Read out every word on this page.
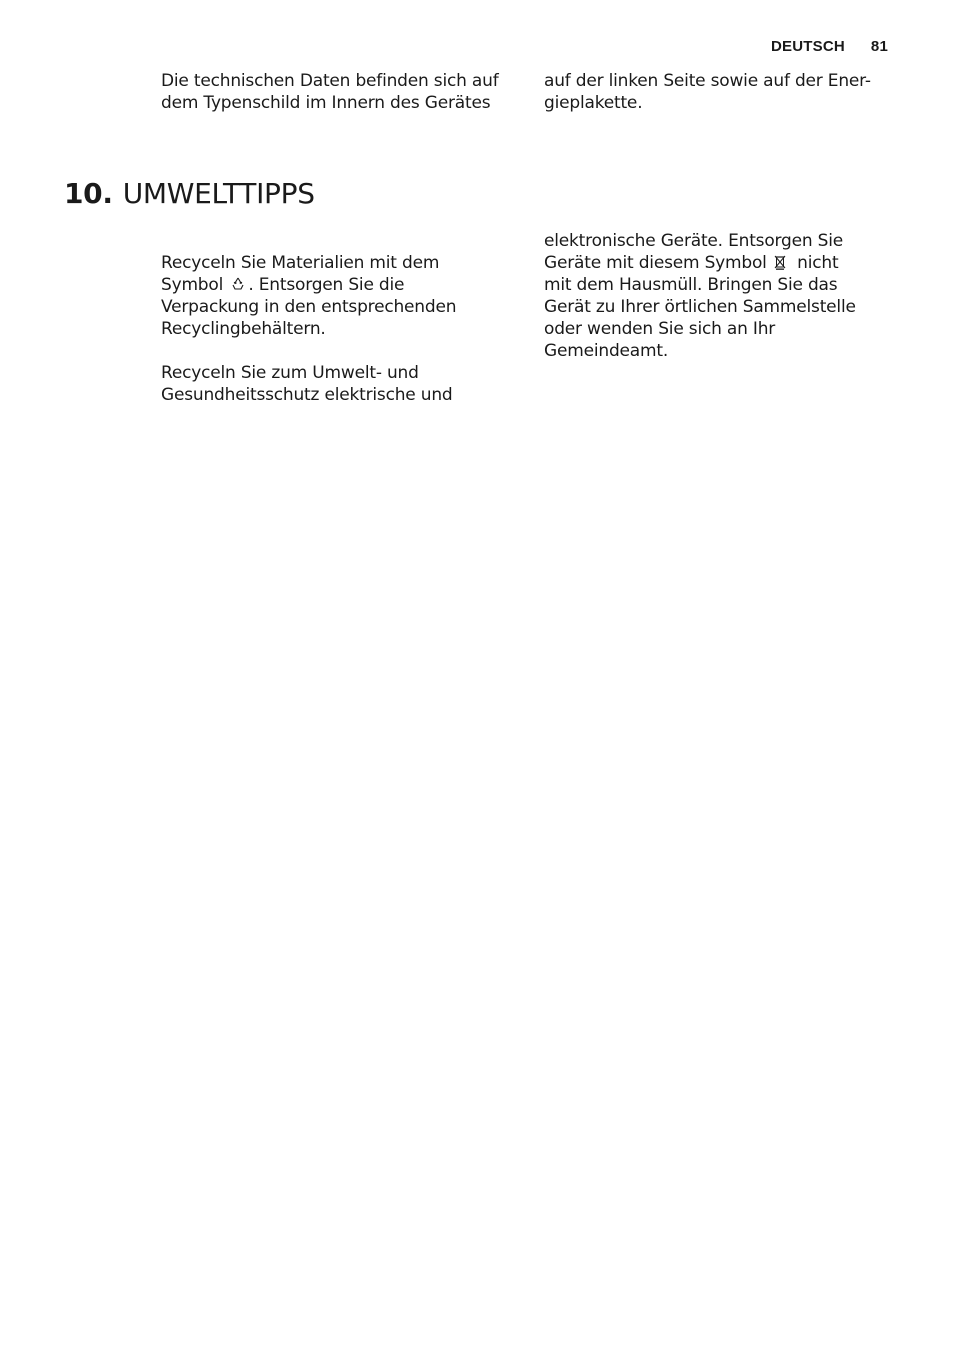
DEUTSCH 81
Die technischen Daten befinden sich auf
dem Typenschild im Innern des Gerätes
auf der linken Seite sowie auf der Ener-
gieplakette.
10. UMWELTTIPPS

Recyceln Sie Materialien mit dem
Symbol . Entsorgen Sie die
Verpackung in den entsprechenden
Recyclingbehältern.

Recyceln Sie zum Umwelt- und
Gesundheitsschutz elektrische und

elektronische Geräte. Entsorgen Sie
Geräte mit diesem Symbol nicht
mit dem Hausmüll. Bringen Sie das
Gerät zu Ihrer örtlichen Sammelstelle
oder wenden Sie sich an Ihr
Gemeindeamt.
